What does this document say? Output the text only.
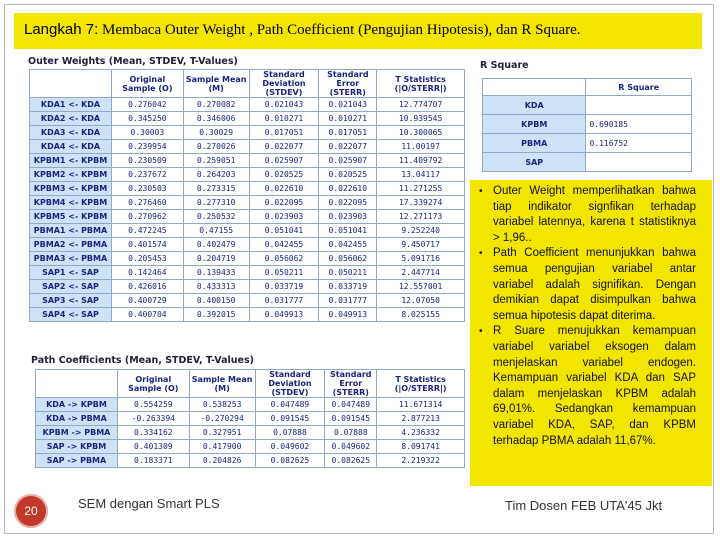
Langkah 7: Membaca Outer Weight , Path Coefficient (Pengujian Hipotesis), dan R Square.
Outer Weights (Mean, STDEV, T-Values)
	Original Sample (O)	Sample Mean (M)	Standard Deviation (STDEV)	Standard Error (STERR)	T Statistics (|O/STERR|)
KDA1 <- KDA	0.276042	0.270082	0.021043	0.021043	12.774707
KDA2 <- KDA	0.345250	0.346006	0.010271	0.010271	10.939545
KDA3 <- KDA	0.30003	0.30029	0.017051	0.017051	10.300065
KDA4 <- KDA	0.239954	0.270026	0.022077	0.022077	11.00197
KPBM1 <- KPBM	0.230509	0.259051	0.025907	0.025907	11.409792
KPBM2 <- KPBM	0.237672	0.264203	0.020525	0.020525	13.04117
KPBM3 <- KPBM	0.230503	0.273315	0.022610	0.022610	11.271255
KPBM4 <- KPBM	0.276460	0.277310	0.022095	0.022095	17.339274
KPBM5 <- KPBM	0.270962	0.250532	0.023903	0.023903	12.271173
PBMA1 <- PBMA	0.472245	0.47155	0.051041	0.051041	9.252240
PBMA2 <- PBMA	0.401574	0.402479	0.042455	0.042455	9.450717
PBMA3 <- PBMA	0.205453	0.204719	0.056062	0.056062	5.091716
SAP1 <- SAP	0.142464	0.139433	0.050211	0.050211	2.447714
SAP2 <- SAP	0.426016	0.433313	0.033719	0.033719	12.557001
SAP3 <- SAP	0.400729	0.400150	0.031777	0.031777	12.07050
SAP4 <- SAP	0.400704	0.392015	0.049913	0.049913	8.025155
Path Coefficients (Mean, STDEV, T-Values)
	Original Sample (O)	Sample Mean (M)	Standard Deviation (STDEV)	Standard Error (STERR)	T Statistics (|O/STERR|)
KDA -> KPBM	0.554259	0.538253	0.047489	0.047489	11.671314
KDA -> PBMA	-0.263394	-0.270294	0.091545	0.091545	2.877213
KPBM -> PBMA	0.334162	0.327951	0.07888	0.07888	4.236332
SAP -> KPBM	0.401309	0.417900	0.049602	0.049602	8.091741
SAP -> PBMA	0.183371	0.204826	0.082625	0.082625	2.219322
R Square
	R Square
KDA	
KPBM	0.690185
PBMA	0.116752
SAP	
• Outer Weight memperlihatkan bahwa tiap indikator signfikan terhadap variabel latennya, karena t statistiknya > 1,96..
• Path Coefficient menunjukkan bahwa semua pengujian variabel antar variabel adalah signifikan. Dengan demikian dapat disimpulkan bahwa semua hipotesis dapat diterima.
• R Suare menujukkan kemampuan variabel variabel eksogen dalam menjelaskan variabel endogen. Kemampuan variabel KDA dan SAP dalam menjelaskan KPBM adalah 69,01%. Sedangkan kemampuan variabel KDA, SAP, dan KPBM terhadap PBMA adalah 11,67%.
20	SEM dengan Smart PLS	Tim Dosen FEB UTA'45 Jkt
